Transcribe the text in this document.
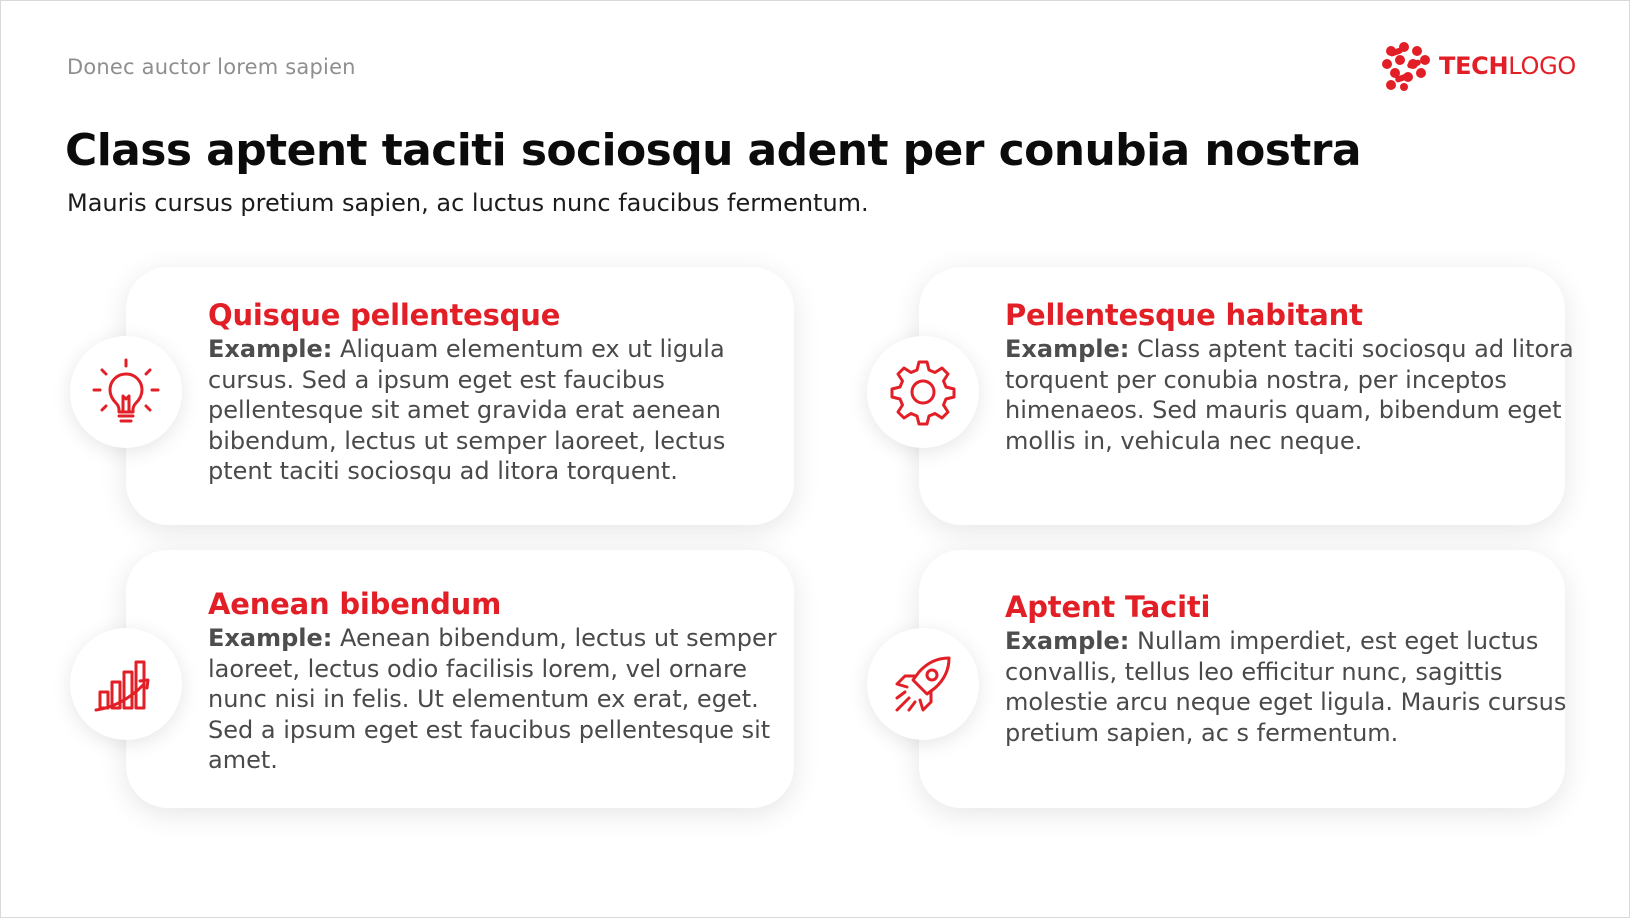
Donec auctor lorem sapien	TECHLOGO
Class aptent taciti sociosqu adent per conubia nostra
Mauris cursus pretium sapien, ac luctus nunc faucibus fermentum.
Quisque pellentesque
Example: Aliquam elementum ex ut ligula cursus. Sed a ipsum eget est faucibus pellentesque sit amet gravida erat aenean bibendum, lectus ut semper laoreet, lectus ptent taciti sociosqu ad litora torquent.
Pellentesque habitant
Example: Class aptent taciti sociosqu ad litora torquent per conubia nostra, per inceptos himenaeos. Sed mauris quam, bibendum eget mollis in, vehicula nec neque.
Aenean bibendum
Example: Aenean bibendum, lectus ut semper laoreet, lectus odio facilisis lorem, vel ornare nunc nisi in felis. Ut elementum ex erat, eget. Sed a ipsum eget est faucibus pellentesque sit amet.
Aptent Taciti
Example: Nullam imperdiet, est eget luctus convallis, tellus leo efficitur nunc, sagittis molestie arcu neque eget ligula. Mauris cursus pretium sapien, ac s fermentum.
